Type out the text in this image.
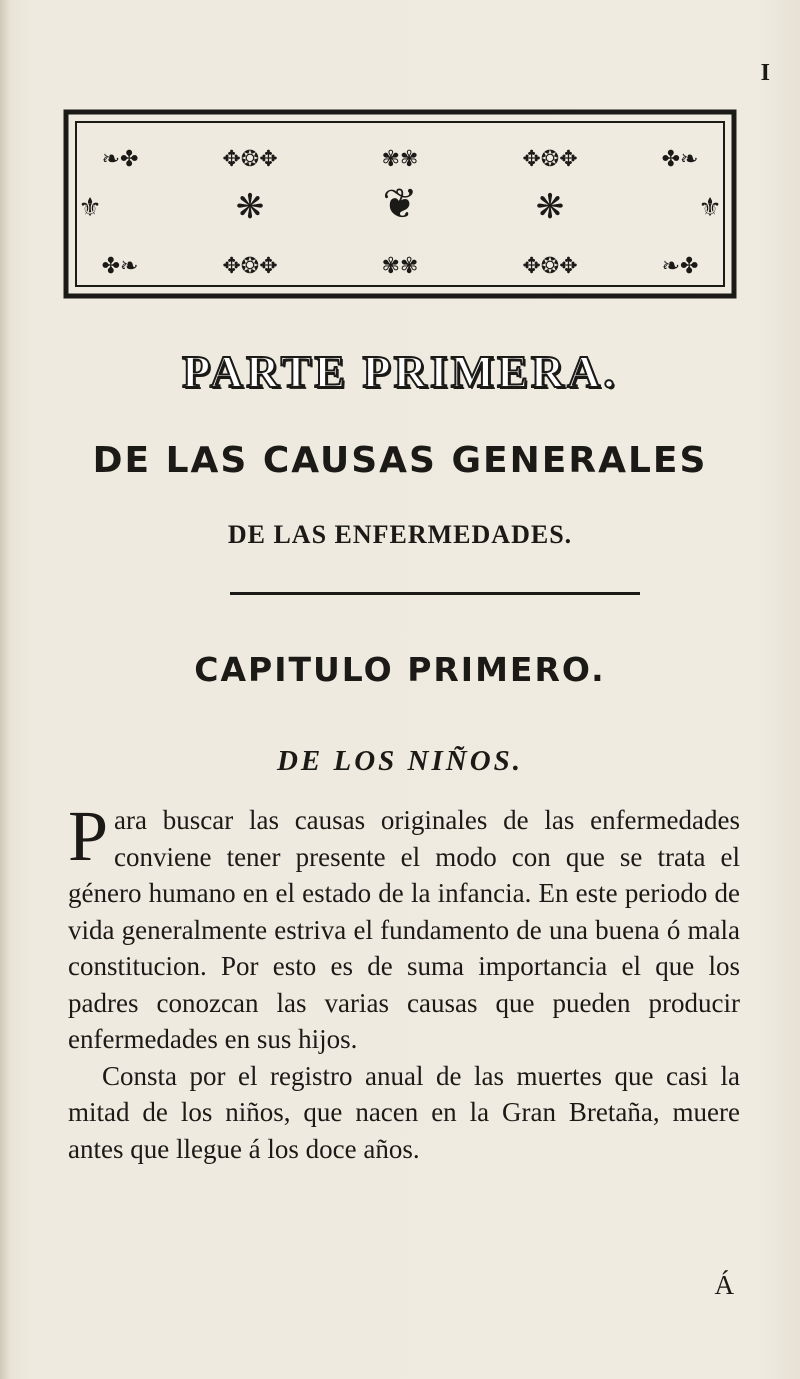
I

❧✤	✥❂✥	✾✾	✥❂✥	✤❧
❋	❦	❋
✤❧	✥❂✥	✾✾	✥❂✥	❧✤
⚜	⚜
PARTE PRIMERA.
DE LAS CAUSAS GENERALES
DE LAS ENFERMEDADES.
CAPITULO PRIMERO.
DE LOS NIÑOS.

Para buscar las causas originales de las enfermedades conviene tener presente el modo con que se trata el género humano en el estado de la infancia. En este periodo de vida generalmente estriva el fundamento de una buena ó mala constitucion. Por esto es de suma importancia el que los padres conozcan las varias causas que pueden producir enfermedades en sus hijos.

Consta por el registro anual de las muertes que casi la mitad de los niños, que nacen en la Gran Bretaña, muere antes que llegue á los doce años.

Á
